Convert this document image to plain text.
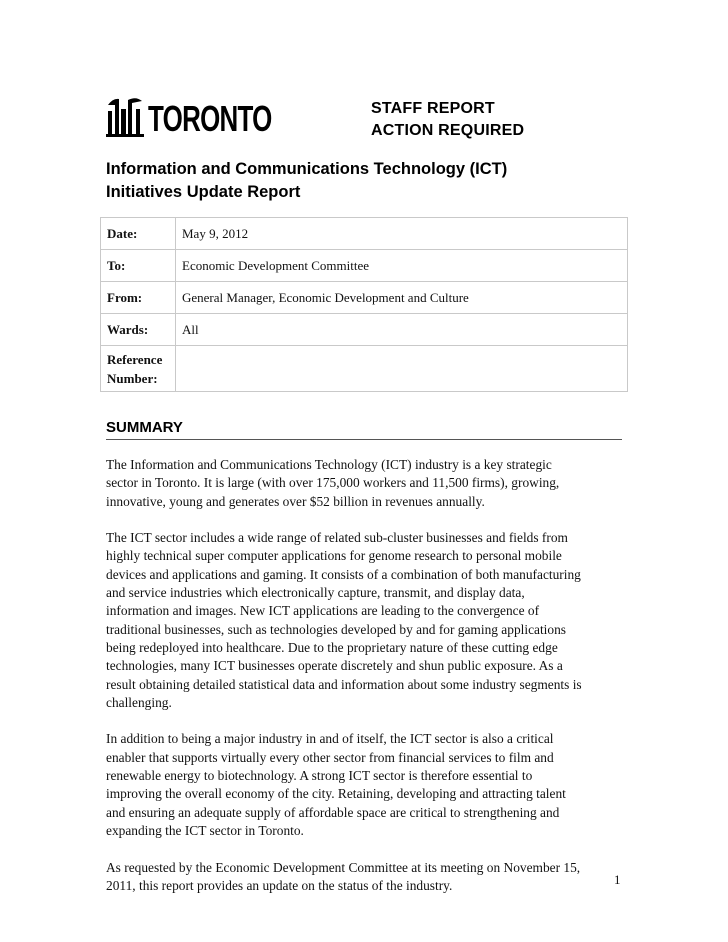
TORONTO	STAFF REPORT
ACTION REQUIRED
Information and Communications Technology (ICT)
Initiatives Update Report
Date:	May 9, 2012
To:	Economic Development Committee
From:	General Manager, Economic Development and Culture
Wards:	All

Reference
Number:	

SUMMARY

The Information and Communications Technology (ICT) industry is a key strategic
sector in Toronto. It is large (with over 175,000 workers and 11,500 firms), growing,
innovative, young and generates over $52 billion in revenues annually.

The ICT sector includes a wide range of related sub-cluster businesses and fields from
highly technical super computer applications for genome research to personal mobile
devices and applications and gaming. It consists of a combination of both manufacturing
and service industries which electronically capture, transmit, and display data,
information and images. New ICT applications are leading to the convergence of
traditional businesses, such as technologies developed by and for gaming applications
being redeployed into healthcare. Due to the proprietary nature of these cutting edge
technologies, many ICT businesses operate discretely and shun public exposure. As a
result obtaining detailed statistical data and information about some industry segments is
challenging.

In addition to being a major industry in and of itself, the ICT sector is also a critical
enabler that supports virtually every other sector from financial services to film and
renewable energy to biotechnology. A strong ICT sector is therefore essential to
improving the overall economy of the city. Retaining, developing and attracting talent
and ensuring an adequate supply of affordable space are critical to strengthening and
expanding the ICT sector in Toronto.

As requested by the Economic Development Committee at its meeting on November 15,
2011, this report provides an update on the status of the industry.	1
